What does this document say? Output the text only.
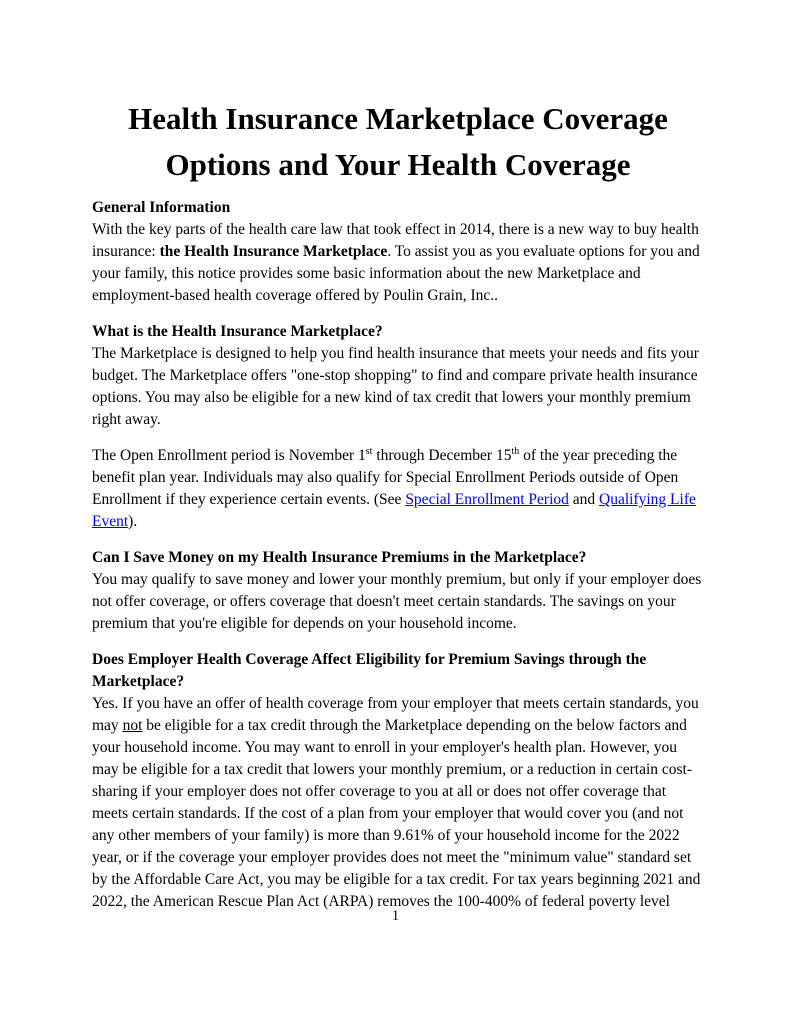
Health Insurance Marketplace Coverage
Options and Your Health Coverage

General Information

With the key parts of the health care law that took effect in 2014, there is a new way to buy health insurance: the Health Insurance Marketplace. To assist you as you evaluate options for you and your family, this notice provides some basic information about the new Marketplace and employment-based health coverage offered by Poulin Grain, Inc..

What is the Health Insurance Marketplace?

The Marketplace is designed to help you find health insurance that meets your needs and fits your budget. The Marketplace offers "one-stop shopping" to find and compare private health insurance options. You may also be eligible for a new kind of tax credit that lowers your monthly premium right away.

The Open Enrollment period is November 1st through December 15th of the year preceding the benefit plan year. Individuals may also qualify for Special Enrollment Periods outside of Open Enrollment if they experience certain events. (See Special Enrollment Period and Qualifying Life Event).

Can I Save Money on my Health Insurance Premiums in the Marketplace?

You may qualify to save money and lower your monthly premium, but only if your employer does not offer coverage, or offers coverage that doesn't meet certain standards. The savings on your premium that you're eligible for depends on your household income.

Does Employer Health Coverage Affect Eligibility for Premium Savings through the Marketplace?

Yes. If you have an offer of health coverage from your employer that meets certain standards, you may not be eligible for a tax credit through the Marketplace depending on the below factors and your household income. You may want to enroll in your employer's health plan. However, you may be eligible for a tax credit that lowers your monthly premium, or a reduction in certain cost-sharing if your employer does not offer coverage to you at all or does not offer coverage that meets certain standards. If the cost of a plan from your employer that would cover you (and not any other members of your family) is more than 9.61% of your household income for the 2022 year, or if the coverage your employer provides does not meet the "minimum value" standard set by the Affordable Care Act, you may be eligible for a tax credit. For tax years beginning 2021 and 2022, the American Rescue Plan Act (ARPA) removes the 100-400% of federal poverty level

1
